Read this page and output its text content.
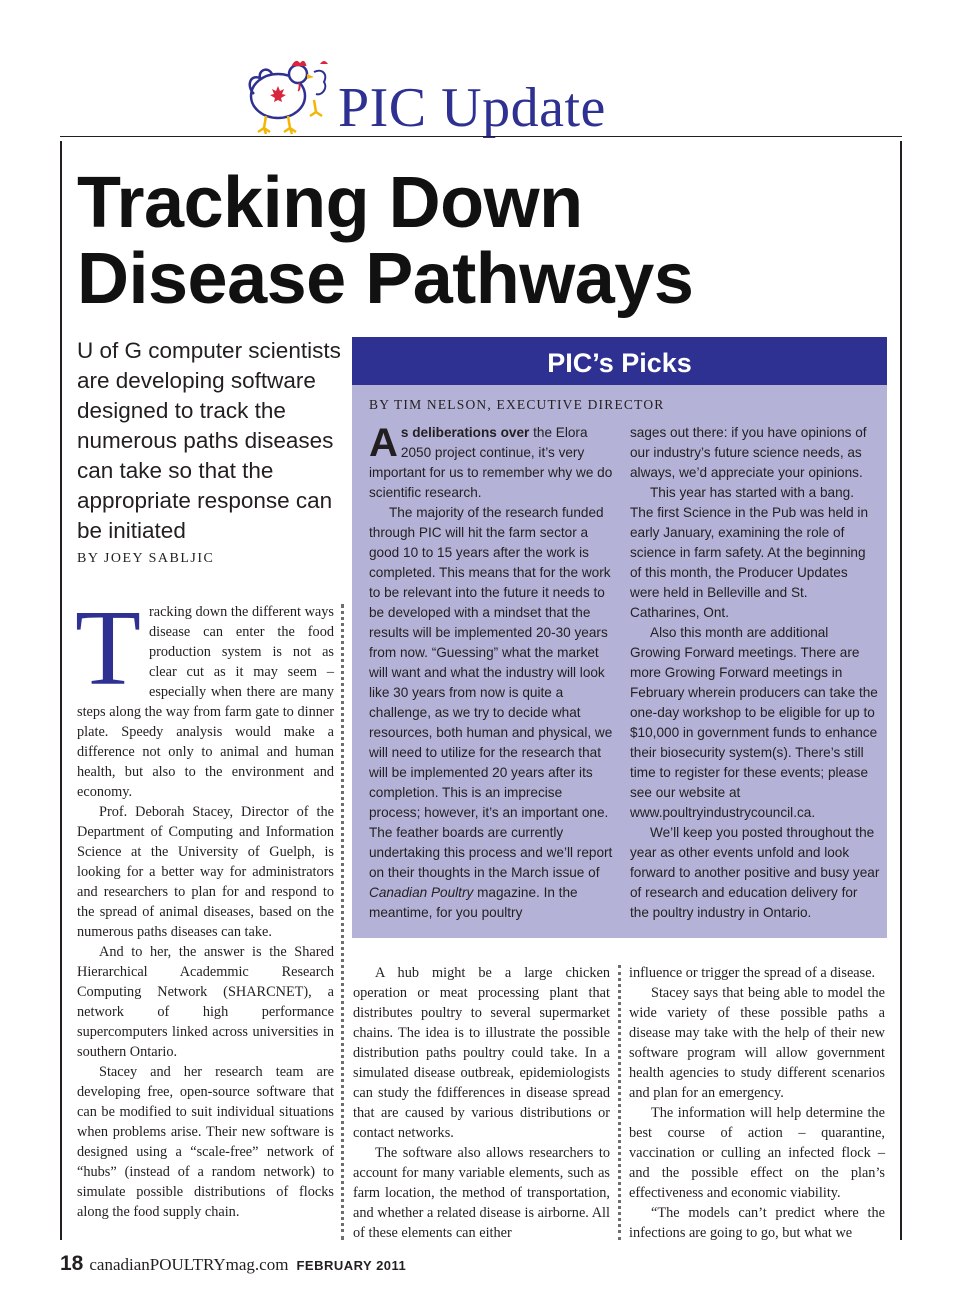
PIC Update
Tracking Down
Disease Pathways
U of G computer scientists are developing software designed to track the numerous paths diseases can take so that the appropriate response can be initiated
BY JOEY SABLJIC

Tracking down the different ways disease can enter the food production system is not as clear cut as it may seem – especially when there are many steps along the way from farm gate to dinner plate. Speedy analysis would make a difference not only to animal and human health, but also to the environment and economy.

Prof. Deborah Stacey, Director of the Department of Computing and Information Science at the University of Guelph, is looking for a better way for administrators and researchers to plan for and respond to the spread of animal diseases, based on the numerous paths diseases can take.

And to her, the answer is the Shared Hierarchical Academmic Research Computing Network (SHARCNET), a network of high performance supercomputers linked across universities in southern Ontario.

Stacey and her research team are developing free, open-source software that can be modified to suit individual situations when problems arise. Their new software is designed using a “scale-free” network of “hubs” (instead of a random network) to simulate possible distributions of flocks along the food supply chain.

PIC’s Picks
BY TIM NELSON, EXECUTIVE DIRECTOR

As deliberations over the Elora 2050 project continue, it’s very important for us to remember why we do scientific research.

The majority of the research funded through PIC will hit the farm sector a good 10 to 15 years after the work is completed. This means that for the work to be relevant into the future it needs to be developed with a mindset that the results will be implemented 20-30 years from now. “Guessing” what the market will want and what the industry will look like 30 years from now is quite a challenge, as we try to decide what resources, both human and physical, we will need to utilize for the research that will be implemented 20 years after its completion. This is an imprecise process; however, it’s an important one. The feather boards are currently undertaking this process and we’ll report on their thoughts in the March issue of Canadian Poultry magazine. In the meantime, for you poultry

sages out there: if you have opinions of our industry’s future science needs, as always, we’d appreciate your opinions.

This year has started with a bang. The first Science in the Pub was held in early January, examining the role of science in farm safety. At the beginning of this month, the Producer Updates were held in Belleville and St. Catharines, Ont.

Also this month are additional Growing Forward meetings. There are more Growing Forward meetings in February wherein producers can take the one-day workshop to be eligible for up to $10,000 in government funds to enhance their biosecurity system(s). There’s still time to register for these events; please see our website at www.poultryindustrycouncil.ca.

We’ll keep you posted throughout the year as other events unfold and look forward to another positive and busy year of research and education delivery for the poultry industry in Ontario.

A hub might be a large chicken operation or meat processing plant that distributes poultry to several supermarket chains. The idea is to illustrate the possible distribution paths poultry could take. In a simulated disease outbreak, epidemiologists can study the fdifferences in disease spread that are caused by various distributions or contact networks.

The software also allows researchers to account for many variable elements, such as farm location, the method of transportation, and whether a related disease is airborne. All of these elements can either

influence or trigger the spread of a disease.

Stacey says that being able to model the wide variety of these possible paths a disease may take with the help of their new software program will allow government health agencies to study different scenarios and plan for an emergency.

The information will help determine the best course of action – quarantine, vaccination or culling an infected flock – and the possible effect on the plan’s effectiveness and economic viability.

“The models can’t predict where the infections are going to go, but what we

18 canadianPOULTRYmag.com FEBRUARY 2011
